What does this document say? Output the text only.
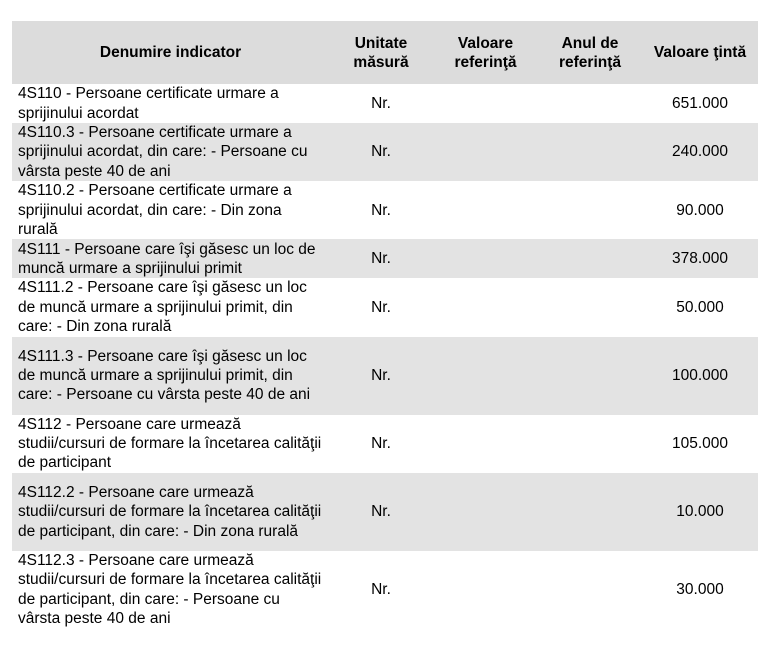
Denumire indicator	Unitate măsură	Valoare referinţă	Anul de referinţă	Valoare ţintă
4S110 - Persoane certificate urmare a sprijinului acordat	Nr.			651.000
4S110.3 - Persoane certificate urmare a sprijinului acordat, din care: - Persoane cu vârsta peste 40 de ani	Nr.			240.000
4S110.2 - Persoane certificate urmare a sprijinului acordat, din care: - Din zona rurală	Nr.			90.000
4S111 - Persoane care îşi găsesc un loc de muncă urmare a sprijinului primit	Nr.			378.000
4S111.2 - Persoane care îşi găsesc un loc de muncă urmare a sprijinului primit, din care: - Din zona rurală	Nr.			50.000
4S111.3 - Persoane care îşi găsesc un loc de muncă urmare a sprijinului primit, din care: - Persoane cu vârsta peste 40 de ani	Nr.			100.000
4S112 - Persoane care urmează studii/cursuri de formare la încetarea calităţii de participant	Nr.			105.000
4S112.2 - Persoane care urmează studii/cursuri de formare la încetarea calităţii de participant, din care: - Din zona rurală	Nr.			10.000
4S112.3 - Persoane care urmează studii/cursuri de formare la încetarea calităţii de participant, din care: - Persoane cu vârsta peste 40 de ani	Nr.			30.000
